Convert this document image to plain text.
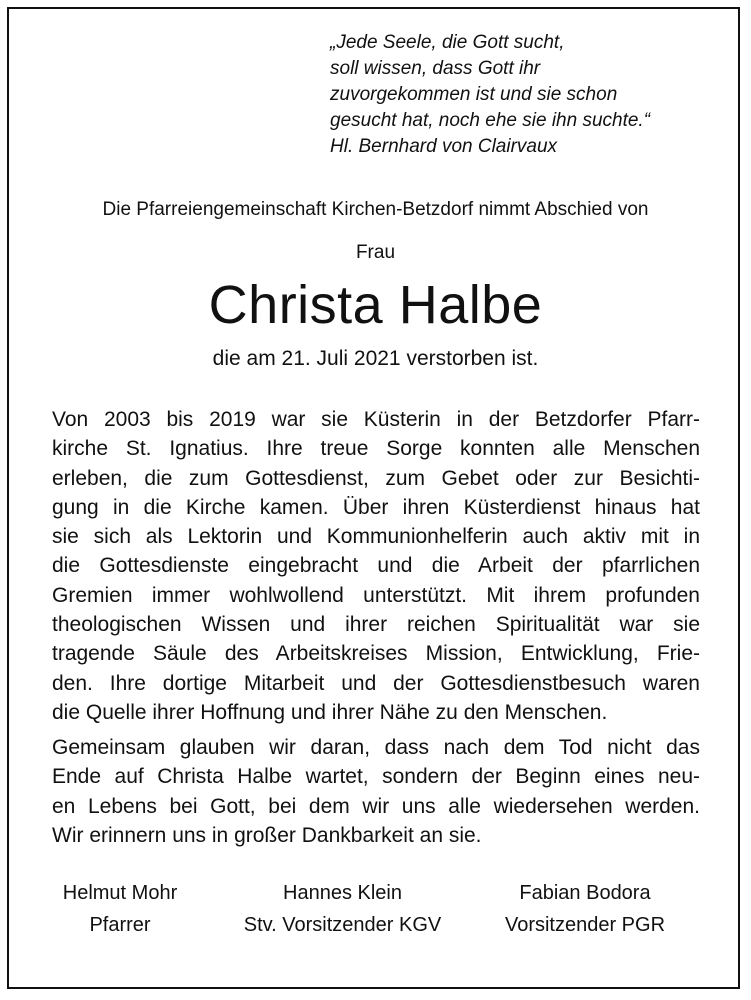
„Jede Seele, die Gott sucht,
soll wissen, dass Gott ihr
zuvorgekommen ist und sie schon
gesucht hat, noch ehe sie ihn suchte.“
Hl. Bernhard von Clairvaux
Die Pfarreiengemeinschaft Kirchen-Betzdorf nimmt Abschied von
Frau
Christa Halbe
die am 21. Juli 2021 verstorben ist.
Von 2003 bis 2019 war sie Küsterin in der Betzdorfer Pfarr-
kirche St. Ignatius. Ihre treue Sorge konnten alle Menschen
erleben, die zum Gottesdienst, zum Gebet oder zur Besichti-
gung in die Kirche kamen. Über ihren Küsterdienst hinaus hat
sie sich als Lektorin und Kommunionhelferin auch aktiv mit in
die Gottesdienste eingebracht und die Arbeit der pfarrlichen
Gremien immer wohlwollend unterstützt. Mit ihrem profunden
theologischen Wissen und ihrer reichen Spiritualität war sie
tragende Säule des Arbeitskreises Mission, Entwicklung, Frie-
den. Ihre dortige Mitarbeit und der Gottesdienstbesuch waren
die Quelle ihrer Hoffnung und ihrer Nähe zu den Menschen.
Gemeinsam glauben wir daran, dass nach dem Tod nicht das
Ende auf Christa Halbe wartet, sondern der Beginn eines neu-
en Lebens bei Gott, bei dem wir uns alle wiedersehen werden.
Wir erinnern uns in großer Dankbarkeit an sie.
Helmut Mohr
Pfarrer
Hannes Klein
Stv. Vorsitzender KGV
Fabian Bodora
Vorsitzender PGR
